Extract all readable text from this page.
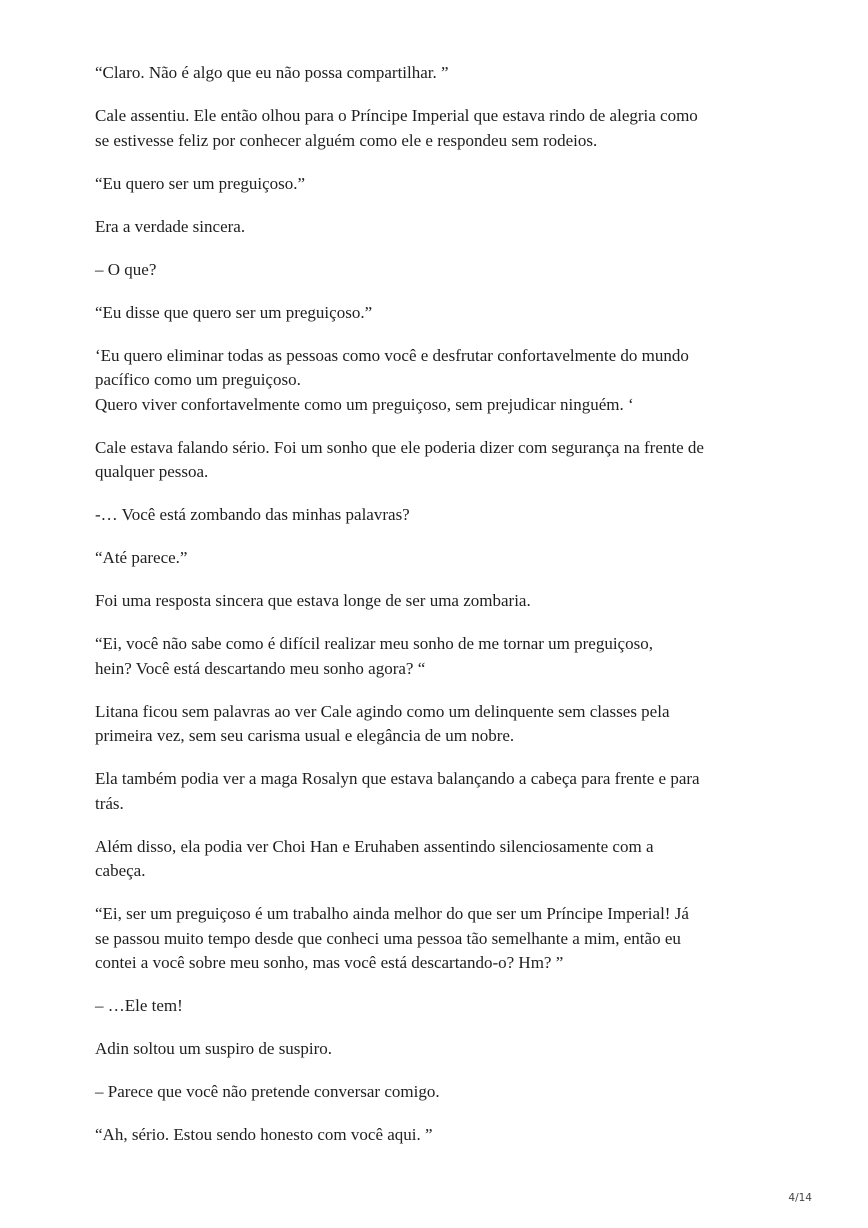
“Claro. Não é algo que eu não possa compartilhar. ”

Cale assentiu. Ele então olhou para o Príncipe Imperial que estava rindo de alegria como
se estivesse feliz por conhecer alguém como ele e respondeu sem rodeios.

“Eu quero ser um preguiçoso.”

Era a verdade sincera.

– O que?

“Eu disse que quero ser um preguiçoso.”

‘Eu quero eliminar todas as pessoas como você e desfrutar confortavelmente do mundo
pacífico como um preguiçoso.
Quero viver confortavelmente como um preguiçoso, sem prejudicar ninguém. ‘

Cale estava falando sério. Foi um sonho que ele poderia dizer com segurança na frente de
qualquer pessoa.

-… Você está zombando das minhas palavras?

“Até parece.”

Foi uma resposta sincera que estava longe de ser uma zombaria.

“Ei, você não sabe como é difícil realizar meu sonho de me tornar um preguiçoso,
hein? Você está descartando meu sonho agora? “

Litana ficou sem palavras ao ver Cale agindo como um delinquente sem classes pela
primeira vez, sem seu carisma usual e elegância de um nobre.

Ela também podia ver a maga Rosalyn que estava balançando a cabeça para frente e para
trás.

Além disso, ela podia ver Choi Han e Eruhaben assentindo silenciosamente com a
cabeça.

“Ei, ser um preguiçoso é um trabalho ainda melhor do que ser um Príncipe Imperial! Já
se passou muito tempo desde que conheci uma pessoa tão semelhante a mim, então eu
contei a você sobre meu sonho, mas você está descartando-o? Hm? ”

– …Ele tem!

Adin soltou um suspiro de suspiro.

– Parece que você não pretende conversar comigo.

“Ah, sério. Estou sendo honesto com você aqui. ”

4/14
